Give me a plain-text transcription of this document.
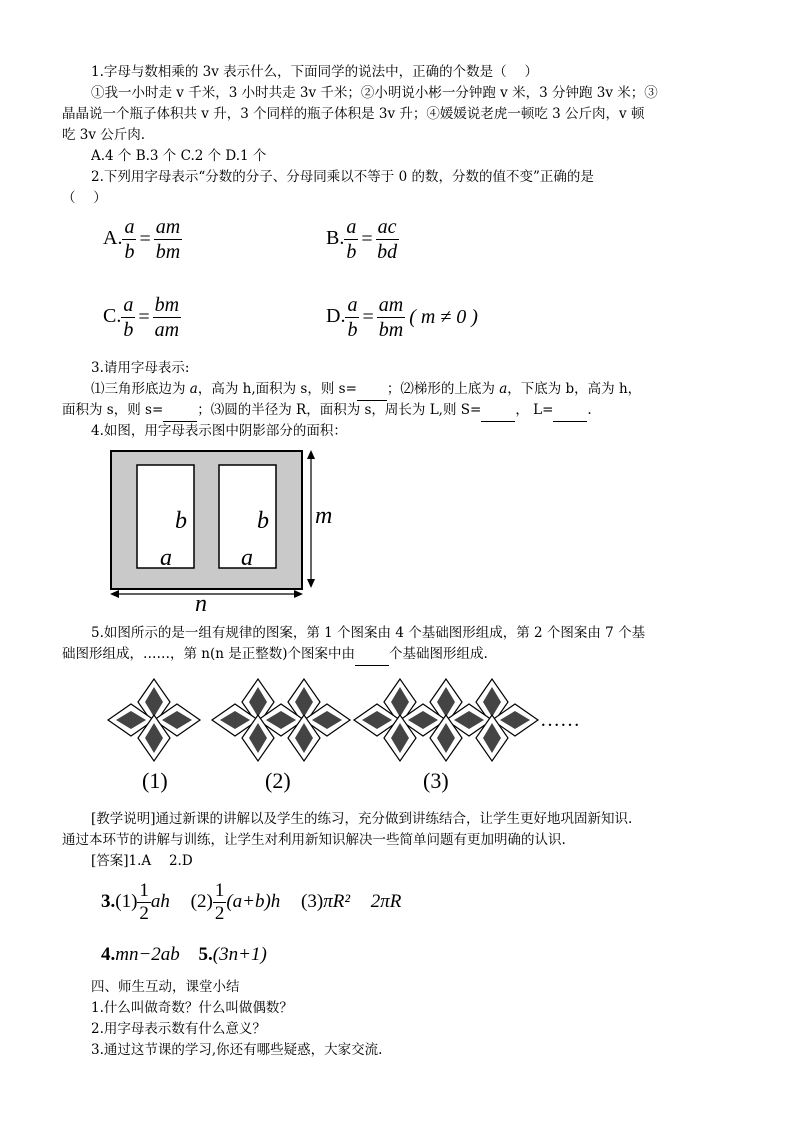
1.字母与数相乘的 3v 表示什么，下面同学的说法中，正确的个数是（　 ）
①我一小时走 v 千米，3 小时共走 3v 千米；②小明说小彬一分钟跑 v 米，3 分钟跑 3v 米；③
晶晶说一个瓶子体积共 v 升，3 个同样的瓶子体积是 3v 升；④媛媛说老虎一顿吃 3 公斤肉，v 顿
吃 3v 公斤肉.
A.4 个 B.3 个 C.2 个 D.1 个
2.下列用字母表示“分数的分子、分母同乘以不等于 0 的数，分数的值不变”正确的是
（　 ）
A. $\frac{a}{b} = \frac{am}{bm}$	B. $\frac{a}{b} = \frac{ac}{bd}$
C. $\frac{a}{b} = \frac{bm}{am}$	D. $\frac{a}{b} = \frac{am}{bm}$ ( m ≠ 0 )
3.请用字母表示:
⑴三角形底边为 a，高为 h,面积为 s，则 s= ；⑵梯形的上底为 a，下底为 b，高为 h，
面积为 s，则 s=	；⑶圆的半径为 R，面积为 s，周长为 L,则 S=	， L=	.
4.如图，用字母表示图中阴影部分的面积：
b	b
a	a
m
n
5.如图所示的是一组有规律的图案，第 1 个图案由 4 个基础图形组成，第 2 个图案由 7 个基
础图形组成，……，第 n(n 是正整数)个图案中由	个基础图形组成.
……
(1)	(2)	(3)
[教学说明]通过新课的讲解以及学生的练习，充分做到讲练结合，让学生更好地巩固新知识.
通过本环节的讲解与训练，让学生对利用新知识解决一些简单问题有更加明确的认识.
[答案]1.A　 2.D
$3.(1) \frac{1}{2}$ ah $(2) \frac{1}{2} (a+b)h$ (3)πR² 2πR
4.mn−2ab 5.(3n+1)
四、师生互动，课堂小结
1.什么叫做奇数？什么叫做偶数？
2.用字母表示数有什么意义？
3.通过这节课的学习,你还有哪些疑惑，大家交流.
